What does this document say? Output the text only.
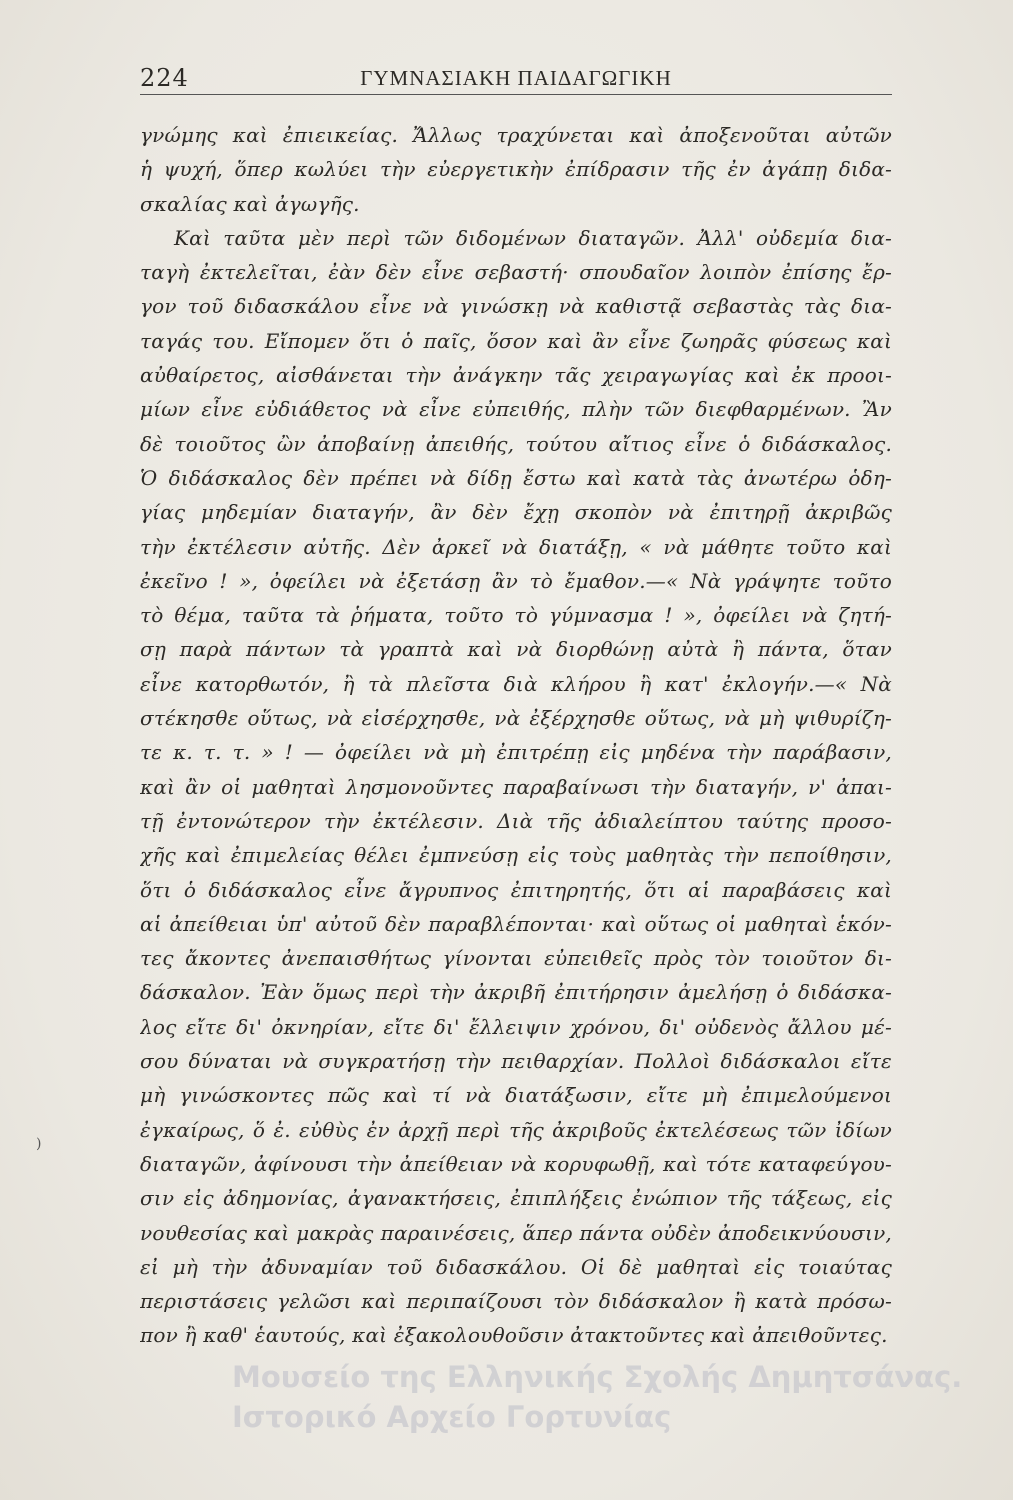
224	ΓΥΜΝΑΣΙΑΚΗ ΠΑΙΔΑΓΩΓΙΚΗ
γνώμης καὶ ἐπιεικείας. Ἄλλως τραχύνεται καὶ ἀποξενοῦται αὐτῶν
ἡ ψυχή, ὅπερ κωλύει τὴν εὐεργετικὴν ἐπίδρασιν τῆς ἐν ἀγάπῃ διδα-
σκαλίας καὶ ἀγωγῆς.
Καὶ ταῦτα μὲν περὶ τῶν διδομένων διαταγῶν. Ἀλλ' οὐδεμία δια-
ταγὴ ἐκτελεῖται, ἐὰν δὲν εἶνε σεβαστή· σπουδαῖον λοιπὸν ἐπίσης ἔρ-
γον τοῦ διδασκάλου εἶνε νὰ γινώσκῃ νὰ καθιστᾷ σεβαστὰς τὰς δια-
ταγάς του. Εἴπομεν ὅτι ὁ παῖς, ὅσον καὶ ἂν εἶνε ζωηρᾶς φύσεως καὶ
αὐθαίρετος, αἰσθάνεται τὴν ἀνάγκην τᾶς χειραγωγίας καὶ ἐκ προοι-
μίων εἶνε εὐδιάθετος νὰ εἶνε εὐπειθής, πλὴν τῶν διεφθαρμένων. Ἂν
δὲ τοιοῦτος ὢν ἀποβαίνῃ ἀπειθής, τούτου αἴτιος εἶνε ὁ διδάσκαλος.
Ὁ διδάσκαλος δὲν πρέπει νὰ δίδῃ ἔστω καὶ κατὰ τὰς ἀνωτέρω ὁδη-
γίας μηδεμίαν διαταγήν, ἂν δὲν ἔχῃ σκοπὸν νὰ ἐπιτηρῇ ἀκριβῶς
τὴν ἐκτέλεσιν αὐτῆς. Δὲν ἀρκεῖ νὰ διατάξῃ, « νὰ μάθητε τοῦτο καὶ
ἐκεῖνο ! », ὀφείλει νὰ ἐξετάσῃ ἂν τὸ ἔμαθον.—« Νὰ γράψητε τοῦτο
τὸ θέμα, ταῦτα τὰ ῥήματα, τοῦτο τὸ γύμνασμα ! », ὀφείλει νὰ ζητή-
σῃ παρὰ πάντων τὰ γραπτὰ καὶ νὰ διορθώνῃ αὐτὰ ἢ πάντα, ὅταν
εἶνε κατορθωτόν, ἢ τὰ πλεῖστα διὰ κλήρου ἢ κατ' ἐκλογήν.—« Νὰ
στέκησθε οὕτως, νὰ εἰσέρχησθε, νὰ ἐξέρχησθε οὕτως, νὰ μὴ ψιθυρίζη-
τε κ. τ. τ. » ! — ὀφείλει νὰ μὴ ἐπιτρέπῃ εἰς μηδένα τὴν παράβασιν,
καὶ ἂν οἱ μαθηταὶ λησμονοῦντες παραβαίνωσι τὴν διαταγήν, ν' ἀπαι-
τῇ ἐντονώτερον τὴν ἐκτέλεσιν. Διὰ τῆς ἀδιαλείπτου ταύτης προσο-
χῆς καὶ ἐπιμελείας θέλει ἐμπνεύσῃ εἰς τοὺς μαθητὰς τὴν πεποίθησιν,
ὅτι ὁ διδάσκαλος εἶνε ἄγρυπνος ἐπιτηρητής, ὅτι αἱ παραβάσεις καὶ
αἱ ἀπείθειαι ὑπ' αὐτοῦ δὲν παραβλέπονται· καὶ οὕτως οἱ μαθηταὶ ἑκόν-
τες ἄκοντες ἀνεπαισθήτως γίνονται εὐπειθεῖς πρὸς τὸν τοιοῦτον δι-
δάσκαλον. Ἐὰν ὅμως περὶ τὴν ἀκριβῆ ἐπιτήρησιν ἀμελήσῃ ὁ διδάσκα-
λος εἴτε δι' ὀκνηρίαν, εἴτε δι' ἔλλειψιν χρόνου, δι' οὐδενὸς ἄλλου μέ-
σου δύναται νὰ συγκρατήσῃ τὴν πειθαρχίαν. Πολλοὶ διδάσκαλοι εἴτε
μὴ γινώσκοντες πῶς καὶ τί νὰ διατάξωσιν, εἴτε μὴ ἐπιμελούμενοι
ἐγκαίρως, ὅ ἐ. εὐθὺς ἐν ἀρχῇ περὶ τῆς ἀκριβοῦς ἐκτελέσεως τῶν ἰδίων
διαταγῶν, ἀφίνουσι τὴν ἀπείθειαν νὰ κορυφωθῇ, καὶ τότε καταφεύγου-
σιν εἰς ἀδημονίας, ἀγανακτήσεις, ἐπιπλήξεις ἐνώπιον τῆς τάξεως, εἰς
νουθεσίας καὶ μακρὰς παραινέσεις, ἅπερ πάντα οὐδὲν ἀποδεικνύουσιν,
εἰ μὴ τὴν ἀδυναμίαν τοῦ διδασκάλου. Οἱ δὲ μαθηταὶ εἰς τοιαύτας
περιστάσεις γελῶσι καὶ περιπαίζουσι τὸν διδάσκαλον ἢ κατὰ πρόσω-
πον ἢ καθ' ἑαυτούς, καὶ ἐξακολουθοῦσιν ἀτακτοῦντες καὶ ἀπειθοῦντες.
)
Μουσείο της Ελληνικής Σχολής Δημητσάνας.
Ιστορικό Αρχείο Γορτυνίας
